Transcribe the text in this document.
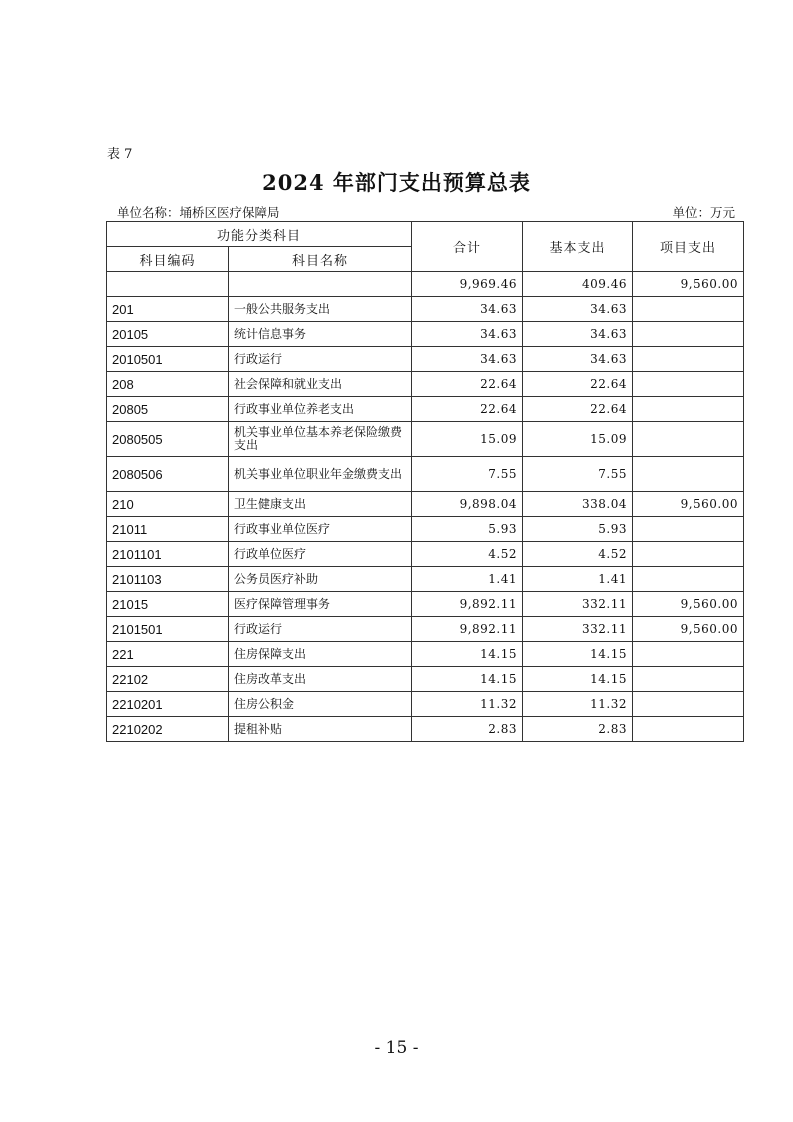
表 7
2024 年部门支出预算总表
单位名称：埇桥区医疗保障局	单位：万元
功能分类科目		合计	基本支出	项目支出
科目编码	科目名称			
		9,969.46	409.46	9,560.00
201	一般公共服务支出	34.63	34.63	
20105	统计信息事务	34.63	34.63	
2010501	行政运行	34.63	34.63	
208	社会保障和就业支出	22.64	22.64	
20805	行政事业单位养老支出	22.64	22.64	
2080505	机关事业单位基本养老保险缴费支出	15.09	15.09	
2080506	机关事业单位职业年金缴费支出	7.55	7.55	
210	卫生健康支出	9,898.04	338.04	9,560.00
21011	行政事业单位医疗	5.93	5.93	
2101101	行政单位医疗	4.52	4.52	
2101103	公务员医疗补助	1.41	1.41	
21015	医疗保障管理事务	9,892.11	332.11	9,560.00
2101501	行政运行	9,892.11	332.11	9,560.00
221	住房保障支出	14.15	14.15	
22102	住房改革支出	14.15	14.15	
2210201	住房公积金	11.32	11.32	
2210202	提租补贴	2.83	2.83	
- 15 -
